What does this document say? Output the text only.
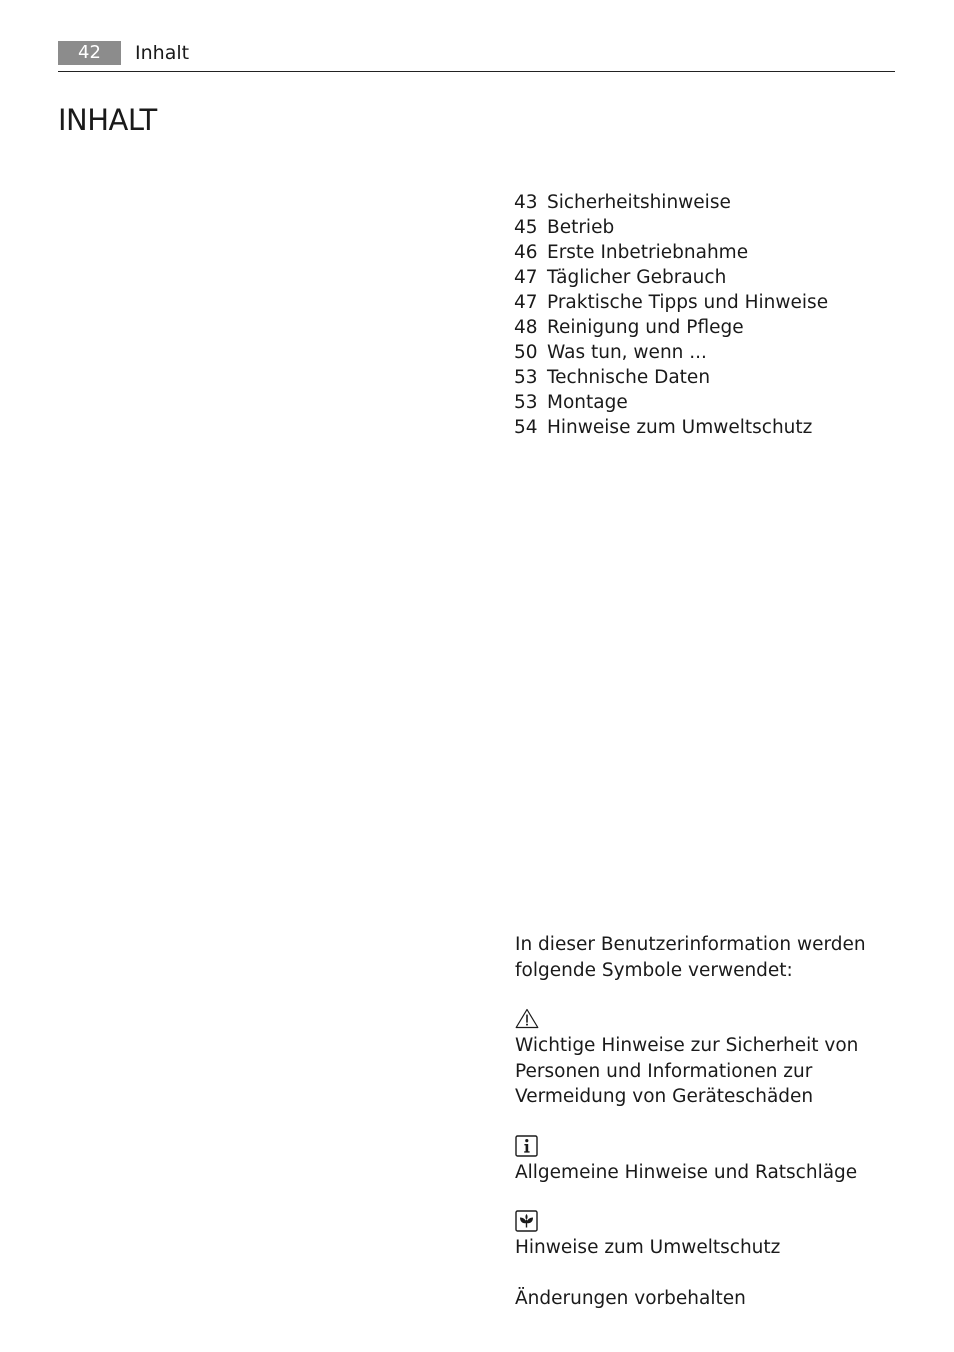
42	Inhalt
INHALT
43 Sicherheitshinweise
45 Betrieb
46 Erste Inbetriebnahme
47 Täglicher Gebrauch
47 Praktische Tipps und Hinweise
48 Reinigung und Pflege
50 Was tun, wenn ...
53 Technische Daten
53 Montage
54 Hinweise zum Umweltschutz

In dieser Benutzerinformation werden
folgende Symbole verwendet:

Wichtige Hinweise zur Sicherheit von
Personen und Informationen zur
Vermeidung von Geräteschäden

Allgemeine Hinweise und Ratschläge

Hinweise zum Umweltschutz

Änderungen vorbehalten
